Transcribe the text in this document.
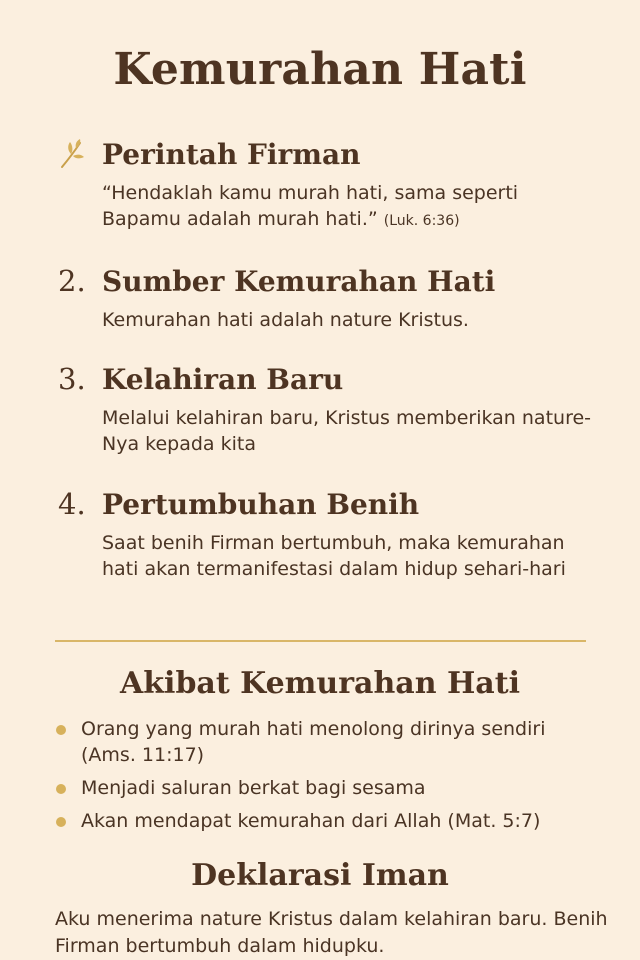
Kemurahan Hati
Perintah Firman
“Hendaklah kamu murah hati, sama seperti Bapamu adalah murah hati.” (Luk. 6:36)
2. Sumber Kemurahan Hati
Kemurahan hati adalah nature Kristus.
3. Kelahiran Baru
Melalui kelahiran baru, Kristus memberikan nature-Nya kepada kita
4. Pertumbuhan Benih
Saat benih Firman bertumbuh, maka kemurahan hati akan termanifestasi dalam hidup sehari-hari
Akibat Kemurahan Hati
Orang yang murah hati menolong dirinya sendiri (Ams. 11:17)
Menjadi saluran berkat bagi sesama
Akan mendapat kemurahan dari Allah (Mat. 5:7)
Deklarasi Iman
Aku menerima nature Kristus dalam kelahiran baru. Benih Firman bertumbuh dalam hidupku.
